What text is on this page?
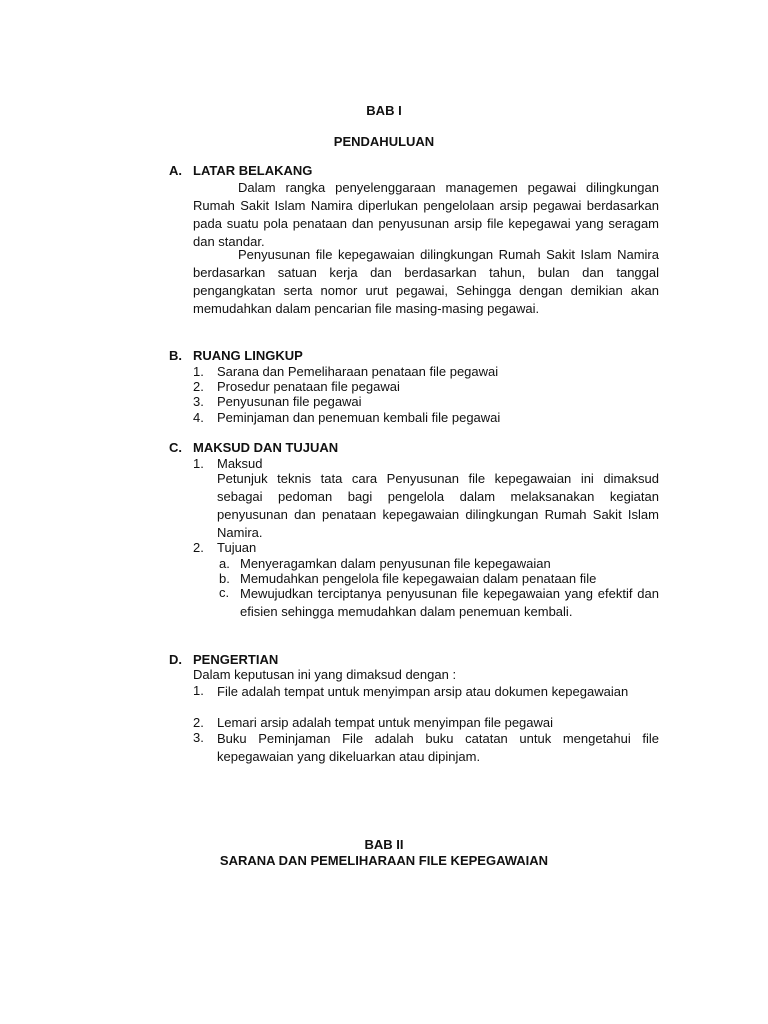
BAB I
PENDAHULUAN
A. LATAR BELAKANG
Dalam rangka penyelenggaraan managemen pegawai dilingkungan Rumah Sakit Islam Namira diperlukan pengelolaan arsip pegawai berdasarkan pada suatu pola penataan dan penyusunan arsip file kepegawai yang seragam dan standar.
Penyusunan file kepegawaian dilingkungan Rumah Sakit Islam Namira berdasarkan satuan kerja dan berdasarkan tahun, bulan dan tanggal pengangkatan serta nomor urut pegawai, Sehingga dengan demikian akan memudahkan dalam pencarian file masing-masing pegawai.
B. RUANG LINGKUP
1. Sarana dan Pemeliharaan penataan file pegawai
2. Prosedur penataan file pegawai
3. Penyusunan file pegawai
4. Peminjaman dan penemuan kembali file pegawai
C. MAKSUD DAN TUJUAN
1. Maksud
Petunjuk teknis tata cara Penyusunan file kepegawaian ini dimaksud sebagai pedoman bagi pengelola dalam melaksanakan kegiatan penyusunan dan penataan kepegawaian dilingkungan Rumah Sakit Islam Namira.
2. Tujuan
a. Menyeragamkan dalam penyusunan file kepegawaian
b. Memudahkan pengelola file kepegawaian dalam penataan file
c. Mewujudkan terciptanya penyusunan file kepegawaian yang efektif dan efisien sehingga memudahkan dalam penemuan kembali.
D. PENGERTIAN
Dalam keputusan ini yang dimaksud dengan :
1. File adalah tempat untuk menyimpan arsip atau dokumen kepegawaian
2. Lemari arsip adalah tempat untuk menyimpan file pegawai
3. Buku Peminjaman File adalah buku catatan untuk mengetahui file kepegawaian yang dikeluarkan atau dipinjam.
BAB II
SARANA DAN PEMELIHARAAN FILE KEPEGAWAIAN
